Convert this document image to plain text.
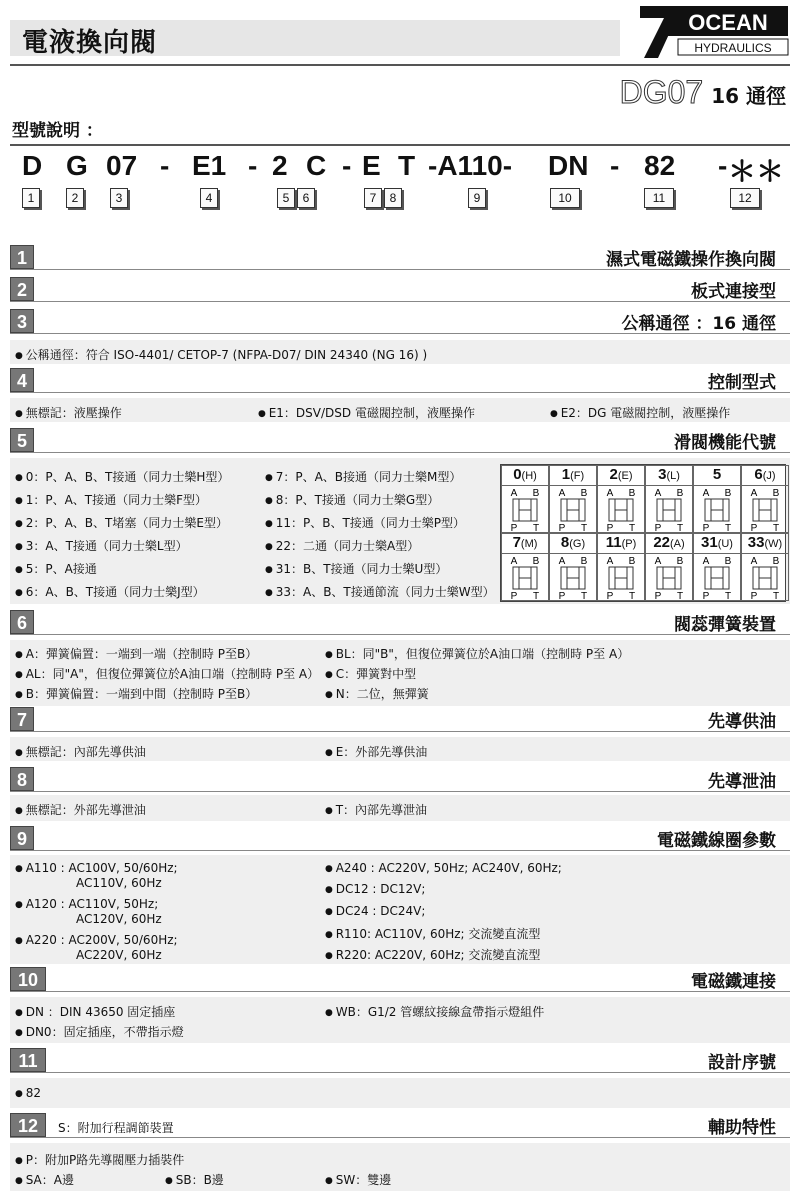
電液換向閥
OCEAN
HYDRAULICS
DG07 16 通徑
型號說明 ：
D G 07 - E1 - 2 C - E T -A110- DN - 82 - ＊＊
1	2	3	4	5	6	7	8	9	10	11	12
1	濕式電磁鐵操作換向閥
2	板式連接型
3	公稱通徑 ：16 通徑
● 公稱通徑：符合 ISO-4401/ CETOP-7 (NFPA-D07/ DIN 24340 (NG 16) )
4	控制型式
● 無標記：液壓操作	● E1：DSV/DSD 電磁閥控制，液壓操作	● E2：DG 電磁閥控制，液壓操作
5	滑閥機能代號
● 0：P、A、B、T接通（同力士樂H型）
● 1：P、A、T接通（同力士樂F型）
● 2：P、A、B、T堵塞（同力士樂E型）
● 3：A、T接通（同力士樂L型）
● 5：P、A接通
● 6：A、B、T接通（同力士樂J型）
● 7：P、A、B接通（同力士樂M型）
● 8：P、T接通（同力士樂G型）
● 11：P、B、T接通（同力士樂P型）
● 22：二通（同力士樂A型）
● 31：B、T接通（同力士樂U型）
● 33：A、B、T接通節流（同力士樂W型）
0(H)
A B
P T
1(F)
A B
P T
2(E)
A B
P T
3(L)
A B
P T
5
A B
P T
6(J)
A B
P T
7(M)
A B
P T
8(G)
A B
P T
11(P)
A B
P T
22(A)
A B
P T
31(U)
A B
P T
33(W)
A B
P T
6	閥蕊彈簧裝置
● A：彈簧偏置：一端到一端（控制時 P至B）
● AL：同"A"，但復位彈簧位於A油口端（控制時 P至 A）
● B：彈簧偏置：一端到中間（控制時 P至B）
● BL：同"B"，但復位彈簧位於A油口端（控制時 P至 A）
● C：彈簧對中型
● N：二位，無彈簧
7	先導供油
● 無標記：內部先導供油	● E：外部先導供油
8	先導泄油
● 無標記：外部先導泄油	● T：內部先導泄油
9	電磁鐵線圈參數
● A110 : AC100V, 50/60Hz;
AC110V, 60Hz
● A120 : AC110V, 50Hz;
AC120V, 60Hz
● A220 : AC200V, 50/60Hz;
AC220V, 60Hz
● A240 : AC220V, 50Hz; AC240V, 60Hz;
● DC12 : DC12V;
● DC24 : DC24V;
● R110: AC110V, 60Hz; 交流變直流型
● R220: AC220V, 60Hz; 交流變直流型
10	電磁鐵連接
● DN ：DIN 43650 固定插座
● DN0：固定插座，不帶指示燈
● WB：G1/2 管螺紋接線盒帶指示燈組件
11	設計序號
● 82
12	S：附加行程調節裝置	輔助特性
● P：附加P路先導閥壓力插裝件
● SA：A邊	● SB：B邊	● SW：雙邊
